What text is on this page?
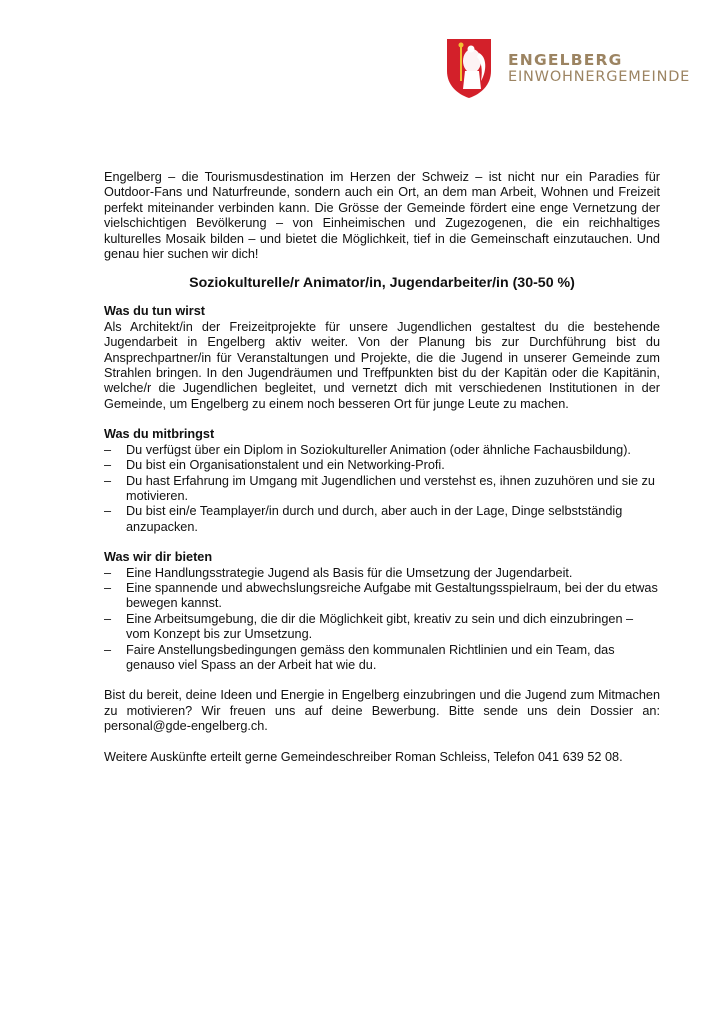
ENGELBERG
EINWOHNERGEMEINDE

Engelberg – die Tourismusdestination im Herzen der Schweiz – ist nicht nur ein Paradies für Outdoor-Fans und Naturfreunde, sondern auch ein Ort, an dem man Arbeit, Wohnen und Freizeit perfekt miteinander verbinden kann. Die Grösse der Gemeinde fördert eine enge Vernetzung der vielschichtigen Bevölkerung – von Einheimischen und Zugezogenen, die ein reichhaltiges kulturelles Mosaik bilden – und bietet die Möglichkeit, tief in die Gemeinschaft einzutauchen. Und genau hier suchen wir dich!

Soziokulturelle/r Animator/in, Jugendarbeiter/in (30-50 %)

Was du tun wirst

Als Architekt/in der Freizeitprojekte für unsere Jugendlichen gestaltest du die bestehende Jugendarbeit in Engelberg aktiv weiter. Von der Planung bis zur Durchführung bist du Ansprechpartner/in für Veranstaltungen und Projekte, die die Jugend in unserer Gemeinde zum Strahlen bringen. In den Jugendräumen und Treffpunkten bist du der Kapitän oder die Kapitänin, welche/r die Jugendlichen begleitet, und vernetzt dich mit verschiedenen Institutionen in der Gemeinde, um Engelberg zu einem noch besseren Ort für junge Leute zu machen.

Was du mitbringst

– Du verfügst über ein Diplom in Soziokultureller Animation (oder ähnliche Fachausbildung).
– Du bist ein Organisationstalent und ein Networking-Profi.
– Du hast Erfahrung im Umgang mit Jugendlichen und verstehst es, ihnen zuzuhören und sie zu motivieren.
– Du bist ein/e Teamplayer/in durch und durch, aber auch in der Lage, Dinge selbstständig anzupacken.

Was wir dir bieten

– Eine Handlungsstrategie Jugend als Basis für die Umsetzung der Jugendarbeit.
– Eine spannende und abwechslungsreiche Aufgabe mit Gestaltungsspielraum, bei der du etwas bewegen kannst.
– Eine Arbeitsumgebung, die dir die Möglichkeit gibt, kreativ zu sein und dich einzubringen – vom Konzept bis zur Umsetzung.
– Faire Anstellungsbedingungen gemäss den kommunalen Richtlinien und ein Team, das genauso viel Spass an der Arbeit hat wie du.

Bist du bereit, deine Ideen und Energie in Engelberg einzubringen und die Jugend zum Mitmachen zu motivieren? Wir freuen uns auf deine Bewerbung. Bitte sende uns dein Dossier an: personal@gde-engelberg.ch.

Weitere Auskünfte erteilt gerne Gemeindeschreiber Roman Schleiss, Telefon 041 639 52 08.
